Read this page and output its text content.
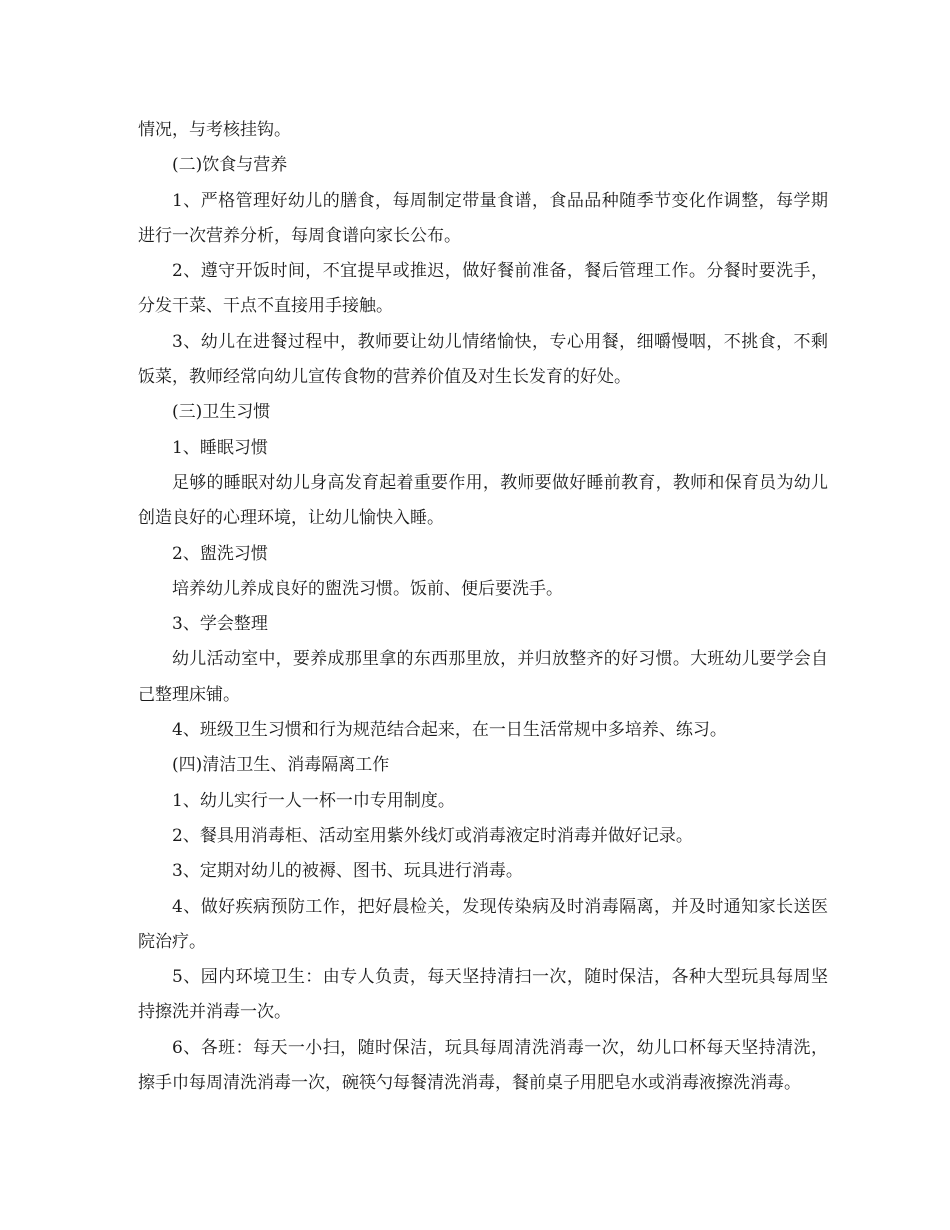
情况，与考核挂钩。

(二)饮食与营养

1、严格管理好幼儿的膳食，每周制定带量食谱，食品品种随季节变化作调整，每学期进行一次营养分析，每周食谱向家长公布。

2、遵守开饭时间，不宜提早或推迟，做好餐前准备，餐后管理工作。分餐时要洗手，分发干菜、干点不直接用手接触。

3、幼儿在进餐过程中，教师要让幼儿情绪愉快，专心用餐，细嚼慢咽，不挑食，不剩饭菜，教师经常向幼儿宣传食物的营养价值及对生长发育的好处。

(三)卫生习惯

1、睡眠习惯

足够的睡眠对幼儿身高发育起着重要作用，教师要做好睡前教育，教师和保育员为幼儿创造良好的心理环境，让幼儿愉快入睡。

2、盥洗习惯

培养幼儿养成良好的盥洗习惯。饭前、便后要洗手。

3、学会整理

幼儿活动室中，要养成那里拿的东西那里放，并归放整齐的好习惯。大班幼儿要学会自己整理床铺。

4、班级卫生习惯和行为规范结合起来，在一日生活常规中多培养、练习。

(四)清洁卫生、消毒隔离工作

1、幼儿实行一人一杯一巾专用制度。

2、餐具用消毒柜、活动室用紫外线灯或消毒液定时消毒并做好记录。

3、定期对幼儿的被褥、图书、玩具进行消毒。

4、做好疾病预防工作，把好晨检关，发现传染病及时消毒隔离，并及时通知家长送医院治疗。

5、园内环境卫生：由专人负责，每天坚持清扫一次，随时保洁，各种大型玩具每周坚持擦洗并消毒一次。

6、各班：每天一小扫，随时保洁，玩具每周清洗消毒一次，幼儿口杯每天坚持清洗，擦手巾每周清洗消毒一次，碗筷勺每餐清洗消毒，餐前桌子用肥皂水或消毒液擦洗消毒。
